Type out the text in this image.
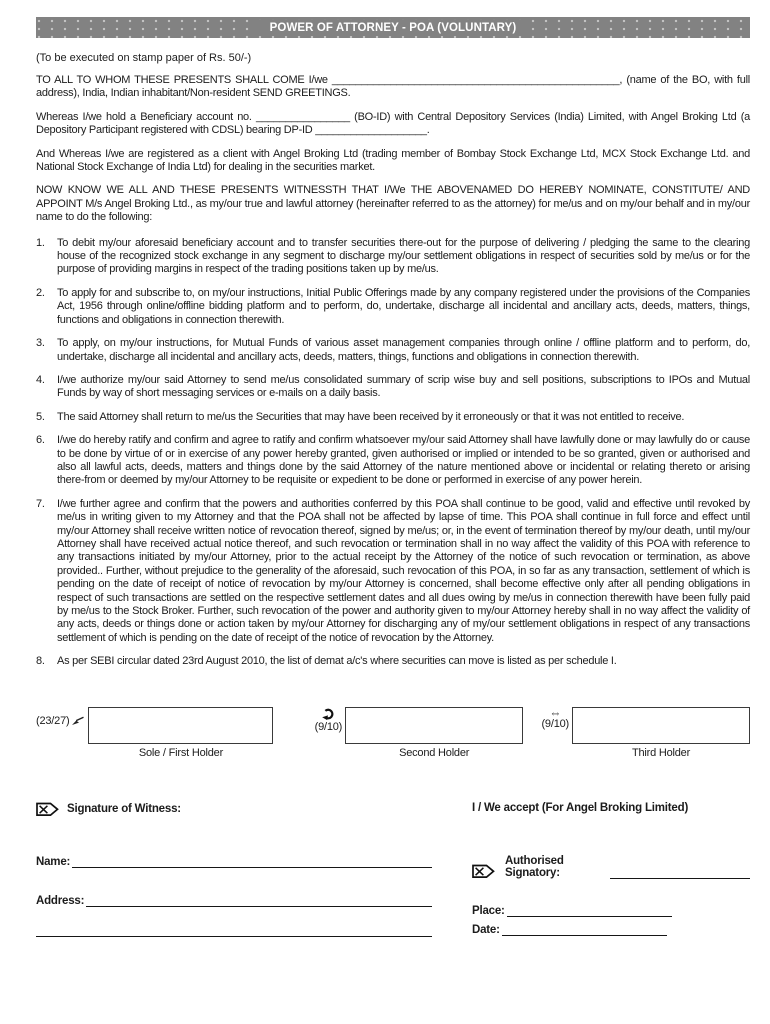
POWER OF ATTORNEY - POA (VOLUNTARY)

(To be executed on stamp paper of Rs. 50/-)

TO ALL TO WHOM THESE PRESENTS SHALL COME I/we _________________________________________________, (name of the BO, with full address), India, Indian inhabitant/Non-resident SEND GREETINGS.

Whereas I/we hold a Beneficiary account no. ________________ (BO-ID) with Central Depository Services (India) Limited, with Angel Broking Ltd (a Depository Participant registered with CDSL) bearing DP-ID ___________________.

And Whereas I/we are registered as a client with Angel Broking Ltd (trading member of Bombay Stock Exchange Ltd, MCX Stock Exchange Ltd. and National Stock Exchange of India Ltd) for dealing in the securities market.

NOW KNOW WE ALL AND THESE PRESENTS WITNESSTH THAT I/We THE ABOVENAMED DO HEREBY NOMINATE, CONSTITUTE/ AND APPOINT M/s Angel Broking Ltd., as my/our true and lawful attorney (hereinafter referred to as the attorney) for me/us and on my/our behalf and in my/our name to do the following:

1.	To debit my/our aforesaid beneficiary account and to transfer securities there-out for the purpose of delivering / pledging the same to the clearing house of the recognized stock exchange in any segment to discharge my/our settlement obligations in respect of securities sold by me/us or for the purpose of providing margins in respect of the trading positions taken up by me/us.
2.	To apply for and subscribe to, on my/our instructions, Initial Public Offerings made by any company registered under the provisions of the Companies Act, 1956 through online/offline bidding platform and to perform, do, undertake, discharge all incidental and ancillary acts, deeds, matters, things, functions and obligations in connection therewith.
3.	To apply, on my/our instructions, for Mutual Funds of various asset management companies through online / offline platform and to perform, do, undertake, discharge all incidental and ancillary acts, deeds, matters, things, functions and obligations in connection therewith.
4.	I/we authorize my/our said Attorney to send me/us consolidated summary of scrip wise buy and sell positions, subscriptions to IPOs and Mutual Funds by way of short messaging services or e-mails on a daily basis.
5.	The said Attorney shall return to me/us the Securities that may have been received by it erroneously or that it was not entitled to receive.
6.	I/we do hereby ratify and confirm and agree to ratify and confirm whatsoever my/our said Attorney shall have lawfully done or may lawfully do or cause to be done by virtue of or in exercise of any power hereby granted, given authorised or implied or intended to be so granted, given or authorised and also all lawful acts, deeds, matters and things done by the said Attorney of the nature mentioned above or incidental or relating thereto or arising there-from or deemed by my/our Attorney to be requisite or expedient to be done or performed in exercise of any power herein.
7.	I/we further agree and confirm that the powers and authorities conferred by this POA shall continue to be good, valid and effective until revoked by me/us in writing given to my Attorney and that the POA shall not be affected by lapse of time. This POA shall continue in full force and effect until my/our Attorney shall receive written notice of revocation thereof, signed by me/us; or, in the event of termination thereof by my/our death, until my/our Attorney shall have received actual notice thereof, and such revocation or termination shall in no way affect the validity of this POA with reference to any transactions initiated by my/our Attorney, prior to the actual receipt by the Attorney of the notice of such revocation or termination, as above provided.. Further, without prejudice to the generality of the aforesaid, such revocation of this POA, in so far as any transaction, settlement of which is pending on the date of receipt of notice of revocation by my/our Attorney is concerned, shall become effective only after all pending obligations in respect of such transactions are settled on the respective settlement dates and all dues owing by me/us in connection therewith have been fully paid by me/us to the Stock Broker. Further, such revocation of the power and authority given to my/our Attorney hereby shall in no way affect the validity of any acts, deeds or things done or action taken by my/our Attorney for discharging any of my/our settlement obligations in respect of any transactions settlement of which is pending on the date of receipt of the notice of revocation by the Attorney.
8.	As per SEBI circular dated 23rd August 2010, the list of demat a/c's where securities can move is listed as per schedule I.
(23/27)
Sole / First Holder
(9/10)
Second Holder
⇔
(9/10)
Third Holder
Signature of Witness:
Name:
Address:
I / We accept (For Angel Broking Limited)
Authorised Signatory:
Place:
Date:
